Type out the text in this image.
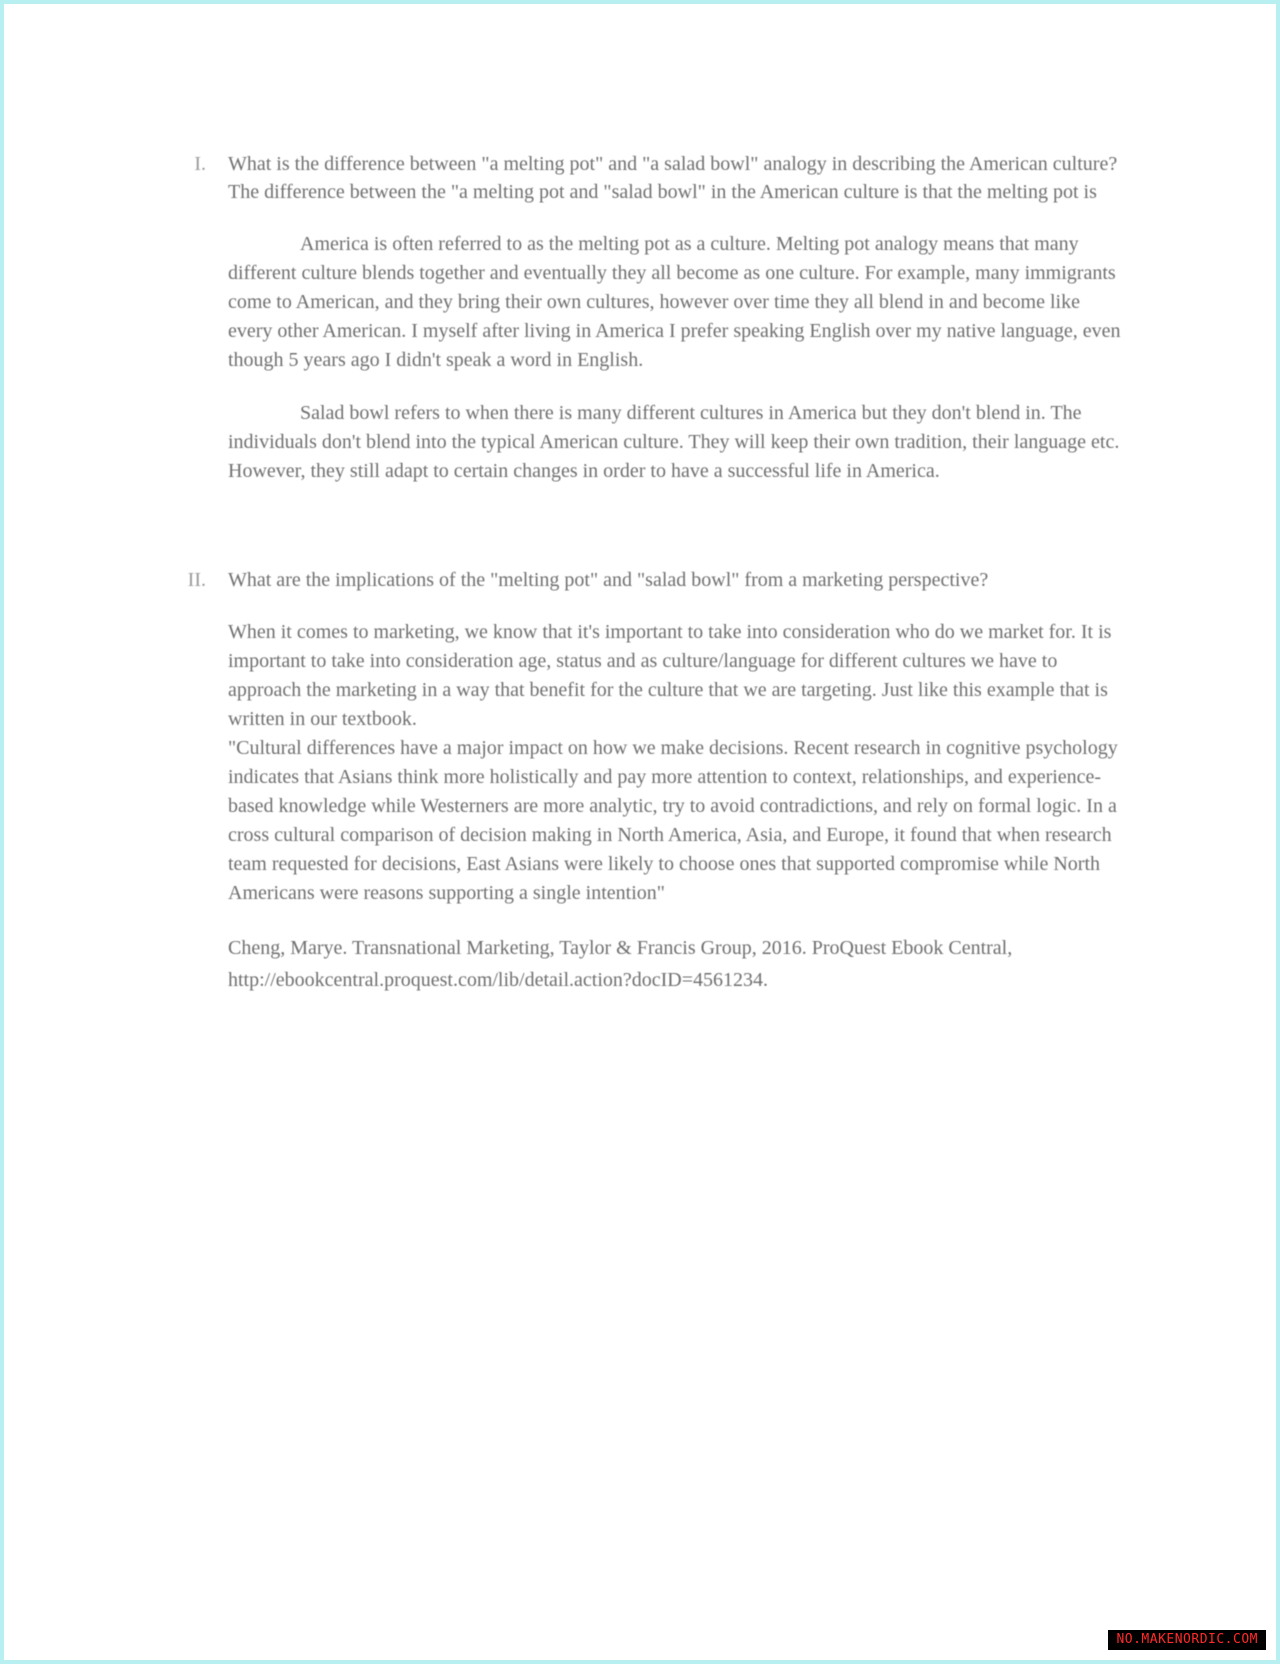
I. What is the difference between "a melting pot" and "a salad bowl" analogy in describing the American culture?

The difference between the "a melting pot and "salad bowl" in the American culture is that the melting pot is

America is often referred to as the melting pot as a culture. Melting pot analogy means that many different culture blends together and eventually they all become as one culture. For example, many immigrants come to American, and they bring their own cultures, however over time they all blend in and become like every other American. I myself after living in America I prefer speaking English over my native language, even though 5 years ago I didn't speak a word in English.

Salad bowl refers to when there is many different cultures in America but they don't blend in. The individuals don't blend into the typical American culture. They will keep their own tradition, their language etc. However, they still adapt to certain changes in order to have a successful life in America.

II. What are the implications of the "melting pot" and "salad bowl" from a marketing perspective?

When it comes to marketing, we know that it's important to take into consideration who do we market for. It is important to take into consideration age, status and as culture/language for different cultures we have to approach the marketing in a way that benefit for the culture that we are targeting. Just like this example that is written in our textbook.

"Cultural differences have a major impact on how we make decisions. Recent research in cognitive psychology indicates that Asians think more holistically and pay more attention to context, relationships, and experience-based knowledge while Westerners are more analytic, try to avoid contradictions, and rely on formal logic. In a cross cultural comparison of decision making in North America, Asia, and Europe, it found that when research team requested for decisions, East Asians were likely to choose ones that supported compromise while North Americans were reasons supporting a single intention"

Cheng, Marye. Transnational Marketing, Taylor & Francis Group, 2016. ProQuest Ebook Central, http://ebookcentral.proquest.com/lib/detail.action?docID=4561234.

NO.MAKENORDIC.COM
